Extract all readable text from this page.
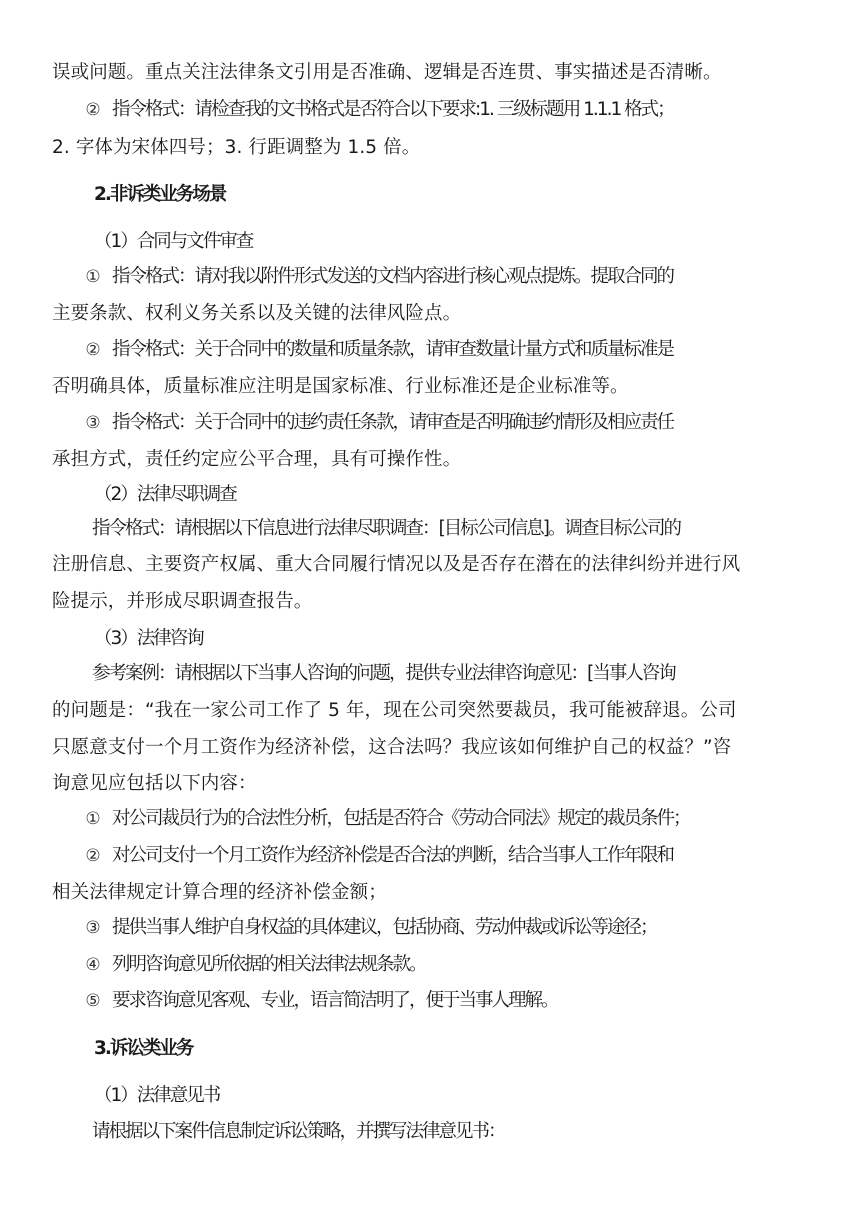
误或问题。重点关注法律条文引用是否准确、逻辑是否连贯、事实描述是否清晰。
② 指令格式：请检查我的文书格式是否符合以下要求:1. 三级标题用 1.1.1 格式；
2. 字体为宋体四号；3. 行距调整为 1.5 倍。
2.非诉类业务场景
（1）合同与文件审查
① 指令格式：请对我以附件形式发送的文档内容进行核心观点提炼。提取合同的
主要条款、权利义务关系以及关键的法律风险点。
② 指令格式：关于合同中的数量和质量条款，请审查数量计量方式和质量标准是
否明确具体，质量标准应注明是国家标准、行业标准还是企业标准等。
③ 指令格式：关于合同中的违约责任条款，请审查是否明确违约情形及相应责任
承担方式，责任约定应公平合理，具有可操作性。
（2）法律尽职调查
指令格式：请根据以下信息进行法律尽职调查：[目标公司信息]。调查目标公司的
注册信息、主要资产权属、重大合同履行情况以及是否存在潜在的法律纠纷并进行风
险提示，并形成尽职调查报告。
（3）法律咨询
参考案例：请根据以下当事人咨询的问题，提供专业法律咨询意见：[当事人咨询
的问题是：“我在一家公司工作了 5 年，现在公司突然要裁员，我可能被辞退。公司
只愿意支付一个月工资作为经济补偿，这合法吗？我应该如何维护自己的权益？”咨
询意见应包括以下内容：
① 对公司裁员行为的合法性分析，包括是否符合《劳动合同法》规定的裁员条件；
② 对公司支付一个月工资作为经济补偿是否合法的判断，结合当事人工作年限和
相关法律规定计算合理的经济补偿金额；
③ 提供当事人维护自身权益的具体建议，包括协商、劳动仲裁或诉讼等途径；
④ 列明咨询意见所依据的相关法律法规条款。
⑤ 要求咨询意见客观、专业，语言简洁明了，便于当事人理解。
3.诉讼类业务
（1）法律意见书
请根据以下案件信息制定诉讼策略，并撰写法律意见书：
